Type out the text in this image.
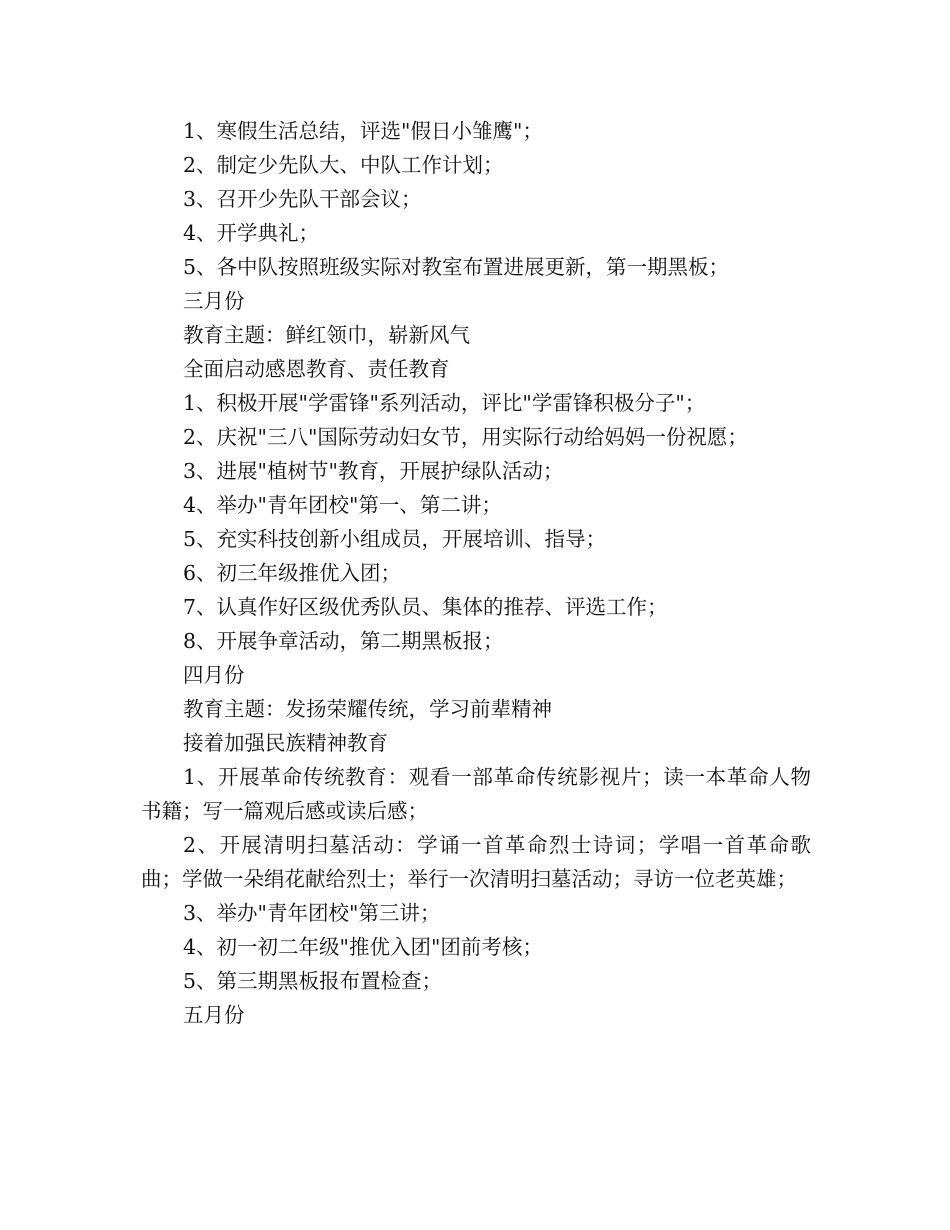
1、寒假生活总结，评选"假日小雏鹰"；

2、制定少先队大、中队工作计划；

3、召开少先队干部会议；

4、开学典礼；

5、各中队按照班级实际对教室布置进展更新，第一期黑板；

三月份

教育主题：鲜红领巾，崭新风气

全面启动感恩教育、责任教育

1、积极开展"学雷锋"系列活动，评比"学雷锋积极分子"；

2、庆祝"三八"国际劳动妇女节，用实际行动给妈妈一份祝愿；

3、进展"植树节"教育，开展护绿队活动；

4、举办"青年团校"第一、第二讲；

5、充实科技创新小组成员，开展培训、指导；

6、初三年级推优入团；

7、认真作好区级优秀队员、集体的推荐、评选工作；

8、开展争章活动，第二期黑板报；

四月份

教育主题：发扬荣耀传统，学习前辈精神

接着加强民族精神教育

1、开展革命传统教育：观看一部革命传统影视片；读一本革命人物书籍；写一篇观后感或读后感；

2、开展清明扫墓活动：学诵一首革命烈士诗词；学唱一首革命歌曲；学做一朵绢花献给烈士；举行一次清明扫墓活动；寻访一位老英雄；

3、举办"青年团校"第三讲；

4、初一初二年级"推优入团"团前考核；

5、第三期黑板报布置检查；

五月份
